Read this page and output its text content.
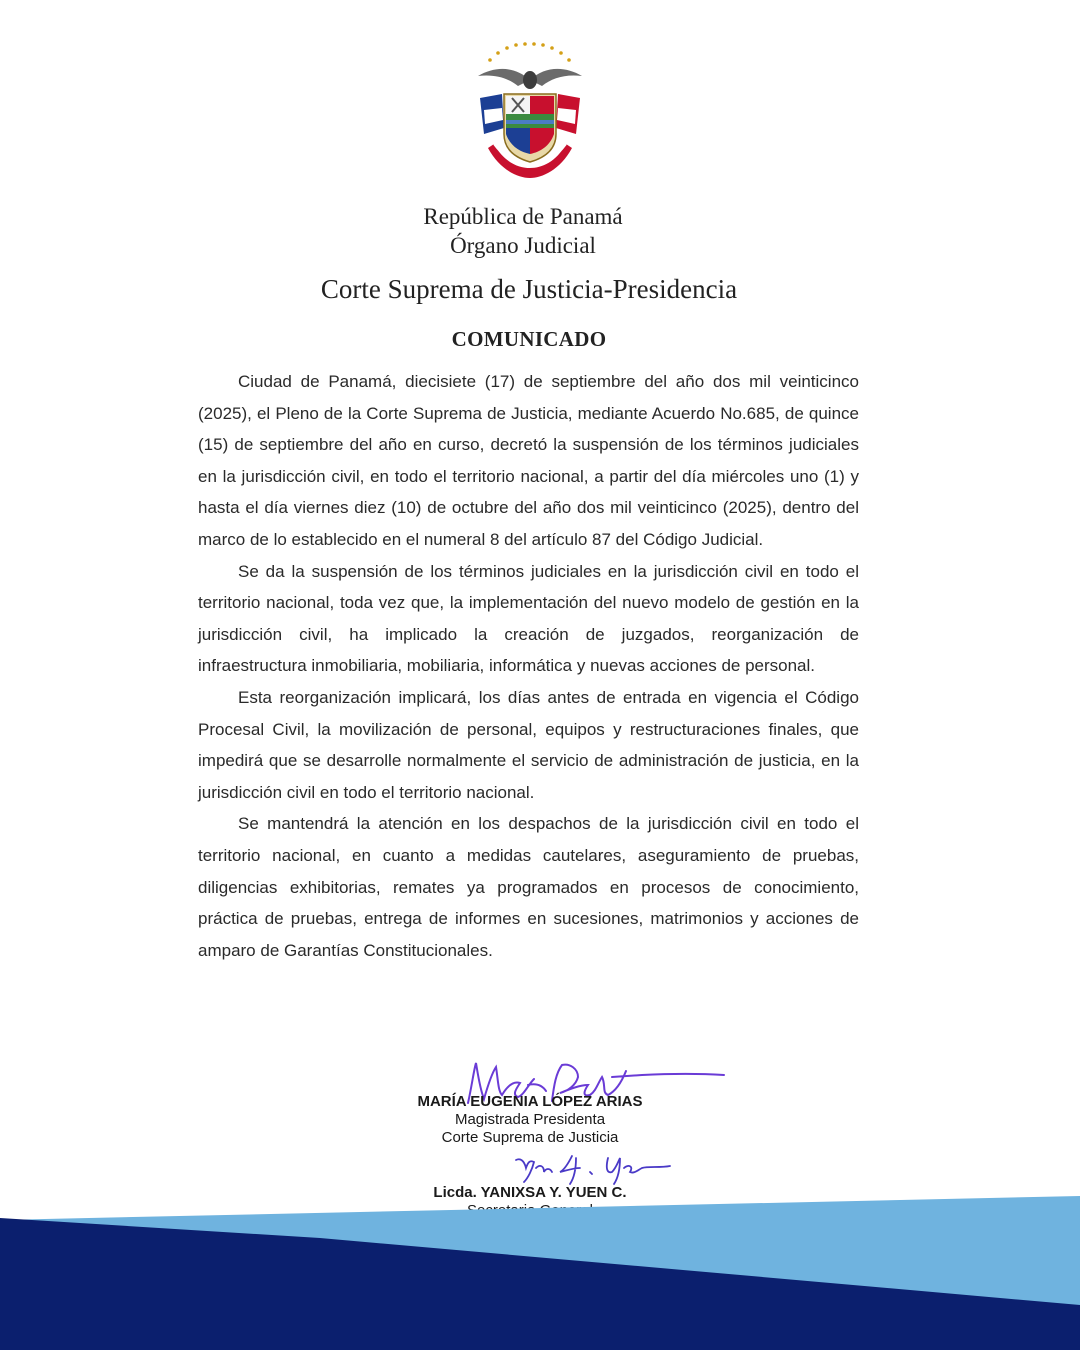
República de Panamá
Órgano Judicial
Corte Suprema de Justicia-Presidencia
COMUNICADO

Ciudad de Panamá, diecisiete (17) de septiembre del año dos mil veinticinco (2025), el Pleno de la Corte Suprema de Justicia, mediante Acuerdo No.685, de quince (15) de septiembre del año en curso, decretó la suspensión de los términos judiciales en la jurisdicción civil, en todo el territorio nacional, a partir del día miércoles uno (1) y hasta el día viernes diez (10) de octubre del año dos mil veinticinco (2025), dentro del marco de lo establecido en el numeral 8 del artículo 87 del Código Judicial.

Se da la suspensión de los términos judiciales en la jurisdicción civil en todo el territorio nacional, toda vez que, la implementación del nuevo modelo de gestión en la jurisdicción civil, ha implicado la creación de juzgados, reorganización de infraestructura inmobiliaria, mobiliaria, informática y nuevas acciones de personal.

Esta reorganización implicará, los días antes de entrada en vigencia el Código Procesal Civil, la movilización de personal, equipos y restructuraciones finales, que impedirá que se desarrolle normalmente el servicio de administración de justicia, en la jurisdicción civil en todo el territorio nacional.

Se mantendrá la atención en los despachos de la jurisdicción civil en todo el territorio nacional, en cuanto a medidas cautelares, aseguramiento de pruebas, diligencias exhibitorias, remates ya programados en procesos de conocimiento, práctica de pruebas, entrega de informes en sucesiones, matrimonios y acciones de amparo de Garantías Constitucionales.

MARÍA EUGENIA LÓPEZ ARIAS
Magistrada Presidenta
Corte Suprema de Justicia
Licda. YANIXSA Y. YUEN C.
